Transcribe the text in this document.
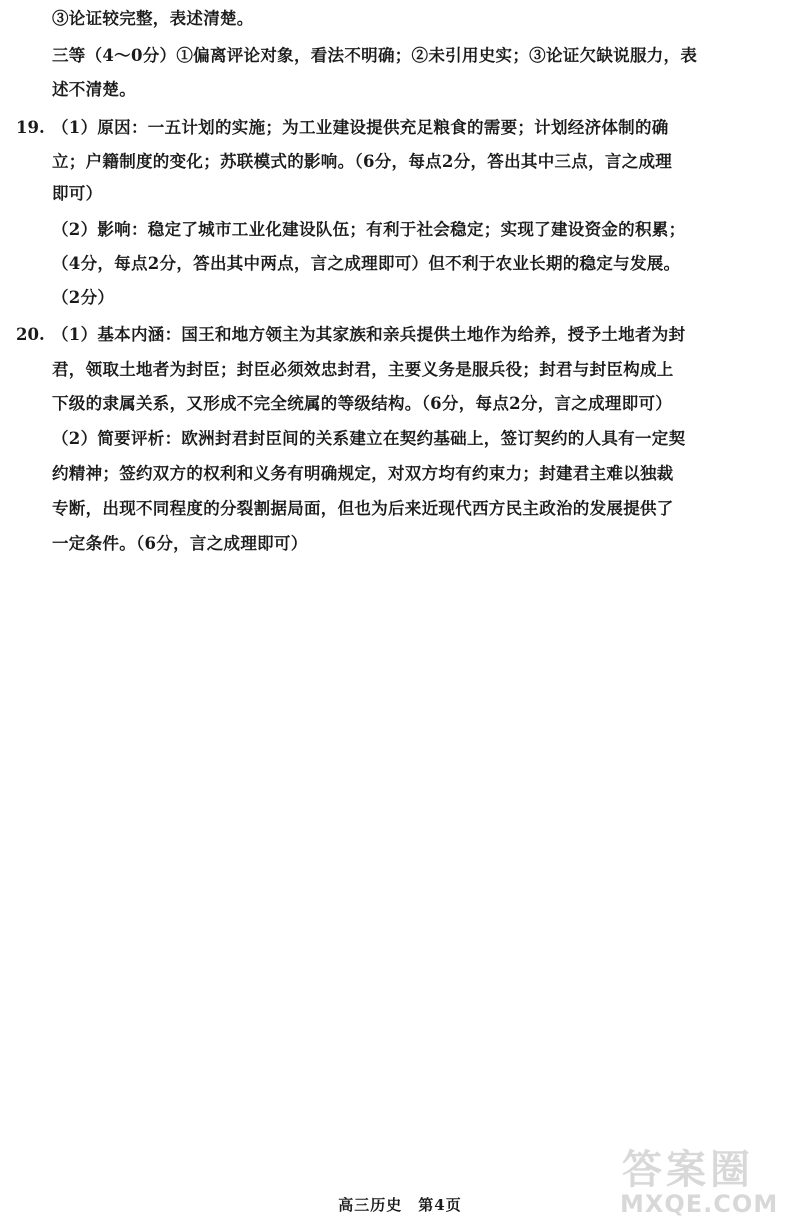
③论证较完整，表述清楚。
三等（4～0分）①偏离评论对象，看法不明确；②未引用史实；③论证欠缺说服力，表
述不清楚。
19. （1）原因：一五计划的实施；为工业建设提供充足粮食的需要；计划经济体制的确
立；户籍制度的变化；苏联模式的影响。（6分，每点2分，答出其中三点，言之成理
即可）
（2）影响：稳定了城市工业化建设队伍；有利于社会稳定；实现了建设资金的积累；
（4分，每点2分，答出其中两点，言之成理即可）但不利于农业长期的稳定与发展。
（2分）
20. （1）基本内涵：国王和地方领主为其家族和亲兵提供土地作为给养，授予土地者为封
君，领取土地者为封臣；封臣必须效忠封君，主要义务是服兵役；封君与封臣构成上
下级的隶属关系，又形成不完全统属的等级结构。（6分，每点2分，言之成理即可）
（2）简要评析：欧洲封君封臣间的关系建立在契约基础上，签订契约的人具有一定契
约精神；签约双方的权利和义务有明确规定，对双方均有约束力；封建君主难以独裁
专断，出现不同程度的分裂割据局面，但也为后来近现代西方民主政治的发展提供了
一定条件。（6分，言之成理即可）
高三历史　第4页
答案圈
MXQE.COM
